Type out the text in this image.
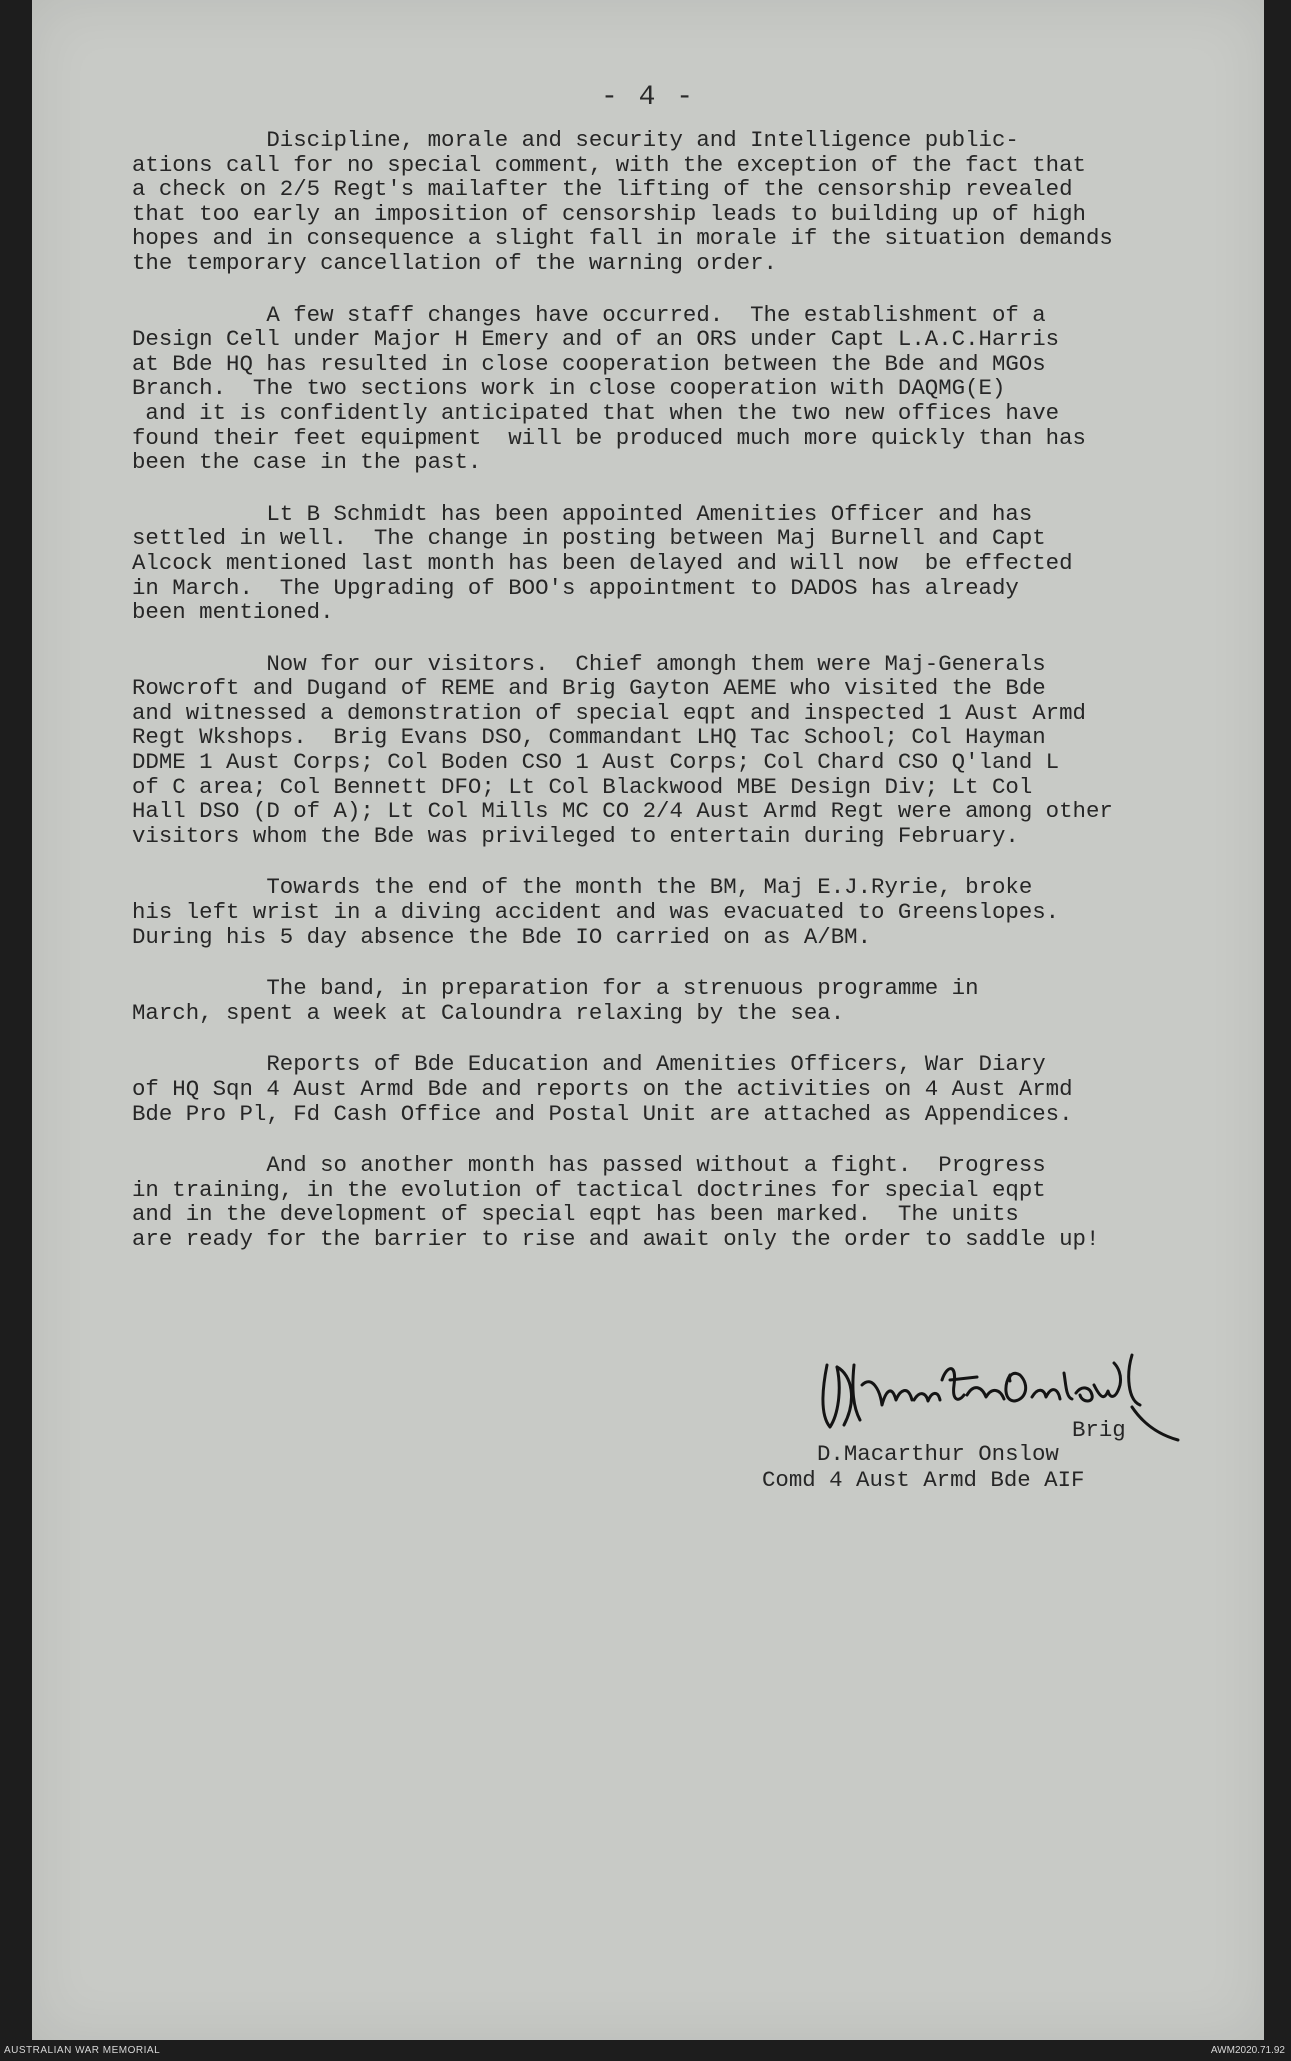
- 4 -

Discipline, morale and security and Intelligence public-
ations call for no special comment, with the exception of the fact that
a check on 2/5 Regt's mailafter the lifting of the censorship revealed
that too early an imposition of censorship leads to building up of high
hopes and in consequence a slight fall in morale if the situation demands
the temporary cancellation of the warning order.
A few staff changes have occurred.  The establishment of a
Design Cell under Major H Emery and of an ORS under Capt L.A.C.Harris
at Bde HQ has resulted in close cooperation between the Bde and MGOs
Branch.  The two sections work in close cooperation with DAQMG(E)
and it is confidently anticipated that when the two new offices have
found their feet equipment  will be produced much more quickly than has
been the case in the past.
Lt B Schmidt has been appointed Amenities Officer and has
settled in well.  The change in posting between Maj Burnell and Capt
Alcock mentioned last month has been delayed and will now  be effected
in March.  The Upgrading of BOO's appointment to DADOS has already
been mentioned.
Now for our visitors.  Chief amongh them were Maj-Generals
Rowcroft and Dugand of REME and Brig Gayton AEME who visited the Bde
and witnessed a demonstration of special eqpt and inspected 1 Aust Armd
Regt Wkshops.  Brig Evans DSO, Commandant LHQ Tac School; Col Hayman
DDME 1 Aust Corps; Col Boden CSO 1 Aust Corps; Col Chard CSO Q'land L
of C area; Col Bennett DFO; Lt Col Blackwood MBE Design Div; Lt Col
Hall DSO (D of A); Lt Col Mills MC CO 2/4 Aust Armd Regt were among other
visitors whom the Bde was privileged to entertain during February.
Towards the end of the month the BM, Maj E.J.Ryrie, broke
his left wrist in a diving accident and was evacuated to Greenslopes.
During his 5 day absence the Bde IO carried on as A/BM.
The band, in preparation for a strenuous programme in
March, spent a week at Caloundra relaxing by the sea.
Reports of Bde Education and Amenities Officers, War Diary
of HQ Sqn 4 Aust Armd Bde and reports on the activities on 4 Aust Armd
Bde Pro Pl, Fd Cash Office and Postal Unit are attached as Appendices.
And so another month has passed without a fight.  Progress
in training, in the evolution of tactical doctrines for special eqpt
and in the development of special eqpt has been marked.  The units
are ready for the barrier to rise and await only the order to saddle up!
Brig
D.Macarthur Onslow
Comd 4 Aust Armd Bde AIF
AUSTRALIAN WAR MEMORIAL	AWM2020.71.92
